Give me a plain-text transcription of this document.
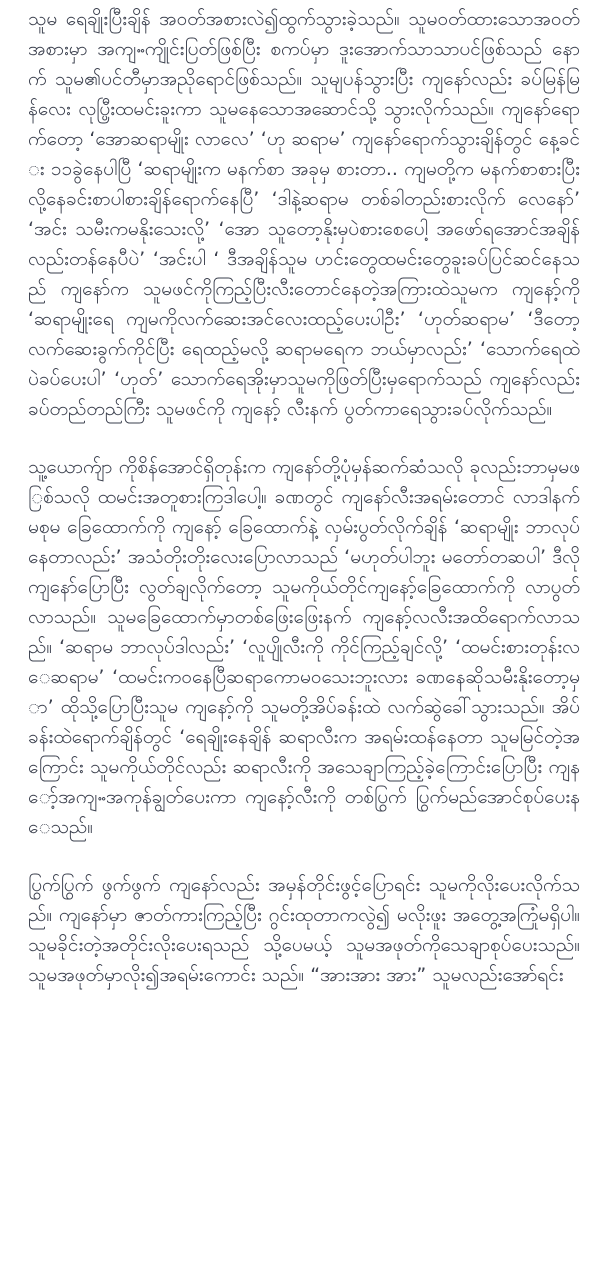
သူမ ရေချိုးပြီးချိန် အဝတ်အစားလဲ၍ထွက်သွားခဲ့သည်။ သူမဝတ်ထားသောအဝတ်အစားမှာ အကျႌကျိုင်းပြတ်ဖြစ်ပြီး စကပ်မှာ ဒူးအောက်သာသာပင်ဖြစ်သည် နောက် သူမ၏ပင်တီမှာအညိုရောင်ဖြစ်သည်။ သူမျပန်သွားပြီး ကျနော်လည်း ခပ်မြန်မြန်လေး လုပ္ပြီးထမင်းခူးကာ သူမနေသောအဆောင်သို့ သွားလိုက်သည်။ ကျနော်ရောက်တော့ ‘အောဆရာမျိုး လာလေ’ ‘ဟု ဆရာမ’ ကျနော်ရောက်သွားချိန်တွင် နေ့ခင်း ၁၁ခွဲနေပါပြီ ‘ဆရာမျိုးက မနက်စာ အခုမှ စားတာ.. ကျမတို့က မနက်စာစားပြီးလို့နေခင်းစာပါစားချိန်ရောက်နေပြီ’ ‘ဒါနဲ့ဆရာမ တစ်ခါတည်းစားလိုက် လေနော်’ ‘အင်း သမီးကမနိုးသေးလို့’ ‘အော သူတော့နိုးမှပဲစားစေပေါ့ အဖော်ရအောင်အချိန်လည်းတန်နေပီပဲ’ ‘အင်းပါ ‘ ဒီအချိန်သူမ ဟင်းတွေထမင်းတွေခူးခပ်ပြင်ဆင်နေသည် ကျနော်က သူမဖင်ကိုကြည့်ပြီးလီးတောင်နေတဲ့အကြားထဲသူမက ကျနော့်ကို ‘ဆရာမျိုးရေ ကျမကိုလက်ဆေးအင်လေးထည့်ပေးပါဦး’ ‘ဟုတ်ဆရာမ’ ‘ဒီတော့ လက်ဆေးခွက်ကိုင်ပြီး ရေထည့်မလို့ ဆရာမရေက ဘယ်မှာလည်း’ ‘သောက်ရေထဲပဲခပ်ပေးပါ’ ‘ဟုတ်’ သောက်ရေအိုးမှာသူမကိုဖြတ်ပြီးမှရောက်သည် ကျနော်လည်းခပ်တည်တည်ကြီး သူမဖင်ကို ကျနော့် လီးနက် ပွတ်ကာရေသွားခပ်လိုက်သည်။

သူ့ယောက်ျာ ကိုစိန်အောင်ရှိတုန်းက ကျနော်တို့ပုံမှန်ဆက်ဆံသလို ခုလည်းဘာမှမဖြစ်သလို ထမင်းအတူစားကြဒါပေါ့။ ခဏတွင် ကျနော်လီးအရမ်းတောင် လာဒါနက် မစုမ ခြေထောက်ကို ကျနော့် ခြေထောက်နဲ့ လှမ်းပွတ်လိုက်ချိန် ‘ဆရာမျိုး ဘာလုပ်နေတာလည်း’ အသံတိုးတိုးလေးပြောလာသည် ‘မဟုတ်ပါဘူး မတော်တဆပါ’ ဒီလိုကျနော်ပြောပြီး လွတ်ချလိုက်တော့ သူမကိုယ်တိုင်ကျနော့်ခြေထောက်ကို လာပွတ်လာသည်။ သူမခြေထောက်မှာတစ်ဖြေးဖြေးနက် ကျနော့်လလီးအထိရောက်လာသည်။ ‘ဆရာမ ဘာလုပ်ဒါလည်း’ ‘လူပျိုလီးကို ကိုင်ကြည့်ချင်လို့’ ‘ထမင်းစားတုန်းလေဆရာမ’ ‘ထမင်းကဝနေပြီဆရာကောမဝသေးဘူးလား ခဏနေဆိုသမီးနိုးတော့မှာ’ ထိုသို့ပြောပြီးသူမ ကျနော့်ကို သူမတို့အိပ်ခန်းထဲ လက်ဆွဲခေါ်သွားသည်။ အိပ်ခန်းထဲရောက်ချိန်တွင် ‘ရေချိုးနေချိန် ဆရာလီးက အရမ်းထန်နေတာ သူမမြင်တဲ့အကြောင်း သူမကိုယ်တိုင်လည်း ဆရာလီးကို အသေချာကြည့်ခဲ့ကြောင်းပြောပြီး ကျနော့်အကျႌအကုန်ချွတ်ပေးကာ ကျနော့်လီးကို တစ်ပြွက် ပြွက်မည်အောင်စုပ်ပေးနေသည်။

ပြွက်ပြွက် ဖွက်ဖွက် ကျနော်လည်း အမှန်တိုင်းဖွင့်ပြောရင်း သူမကိုလိုးပေးလိုက်သည်။ ကျနော်မှာ ဇာတ်ကားကြည့်ပြီး ဂွင်းထုတာကလွဲ၍ မလိုးဖူး အတွေ့အကြုံမရှိပါ။ သူမခိုင်းတဲ့အတိုင်းလိုးပေးရသည် သို့ပေမယ့် သူမအဖုတ်ကိုသေချာစုပ်ပေးသည်။ သူမအဖုတ်မှာလိုး၍အရမ်းကောင်း သည်။ “အားအား အား” သူမလည်းအော်ရင်း
